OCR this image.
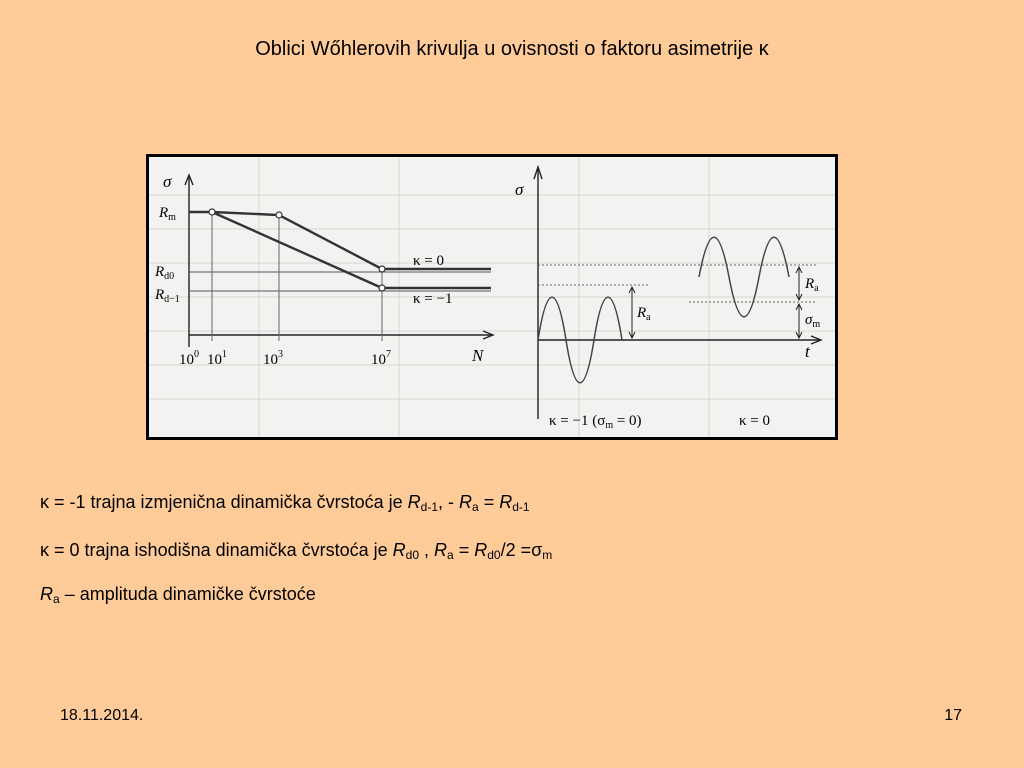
Oblici Wőhlerovih krivulja u ovisnosti o faktoru asimetrije κ
σ
$R_m$
$R_{d0}$
$R_{d-1}$
κ = 0
κ = −1
$10^0$ $10^1$ $10^3$	$10^7$	N
σ
t
$R_a$
$R_a$
$\sigma_m$
κ = −1 $(\sigma_m = 0)$	κ = 0
κ = -1 trajna izmjenična dinamička čvrstoća je $R_{d-1}$, - $R_a = R_{d-1}$
κ = 0 trajna ishodišna dinamička čvrstoća je $R_{d0}$ , $R_a = R_{d0}/2 =\sigma_m$
$R_a$ – amplituda dinamičke čvrstoće
18.11.2014.	17
